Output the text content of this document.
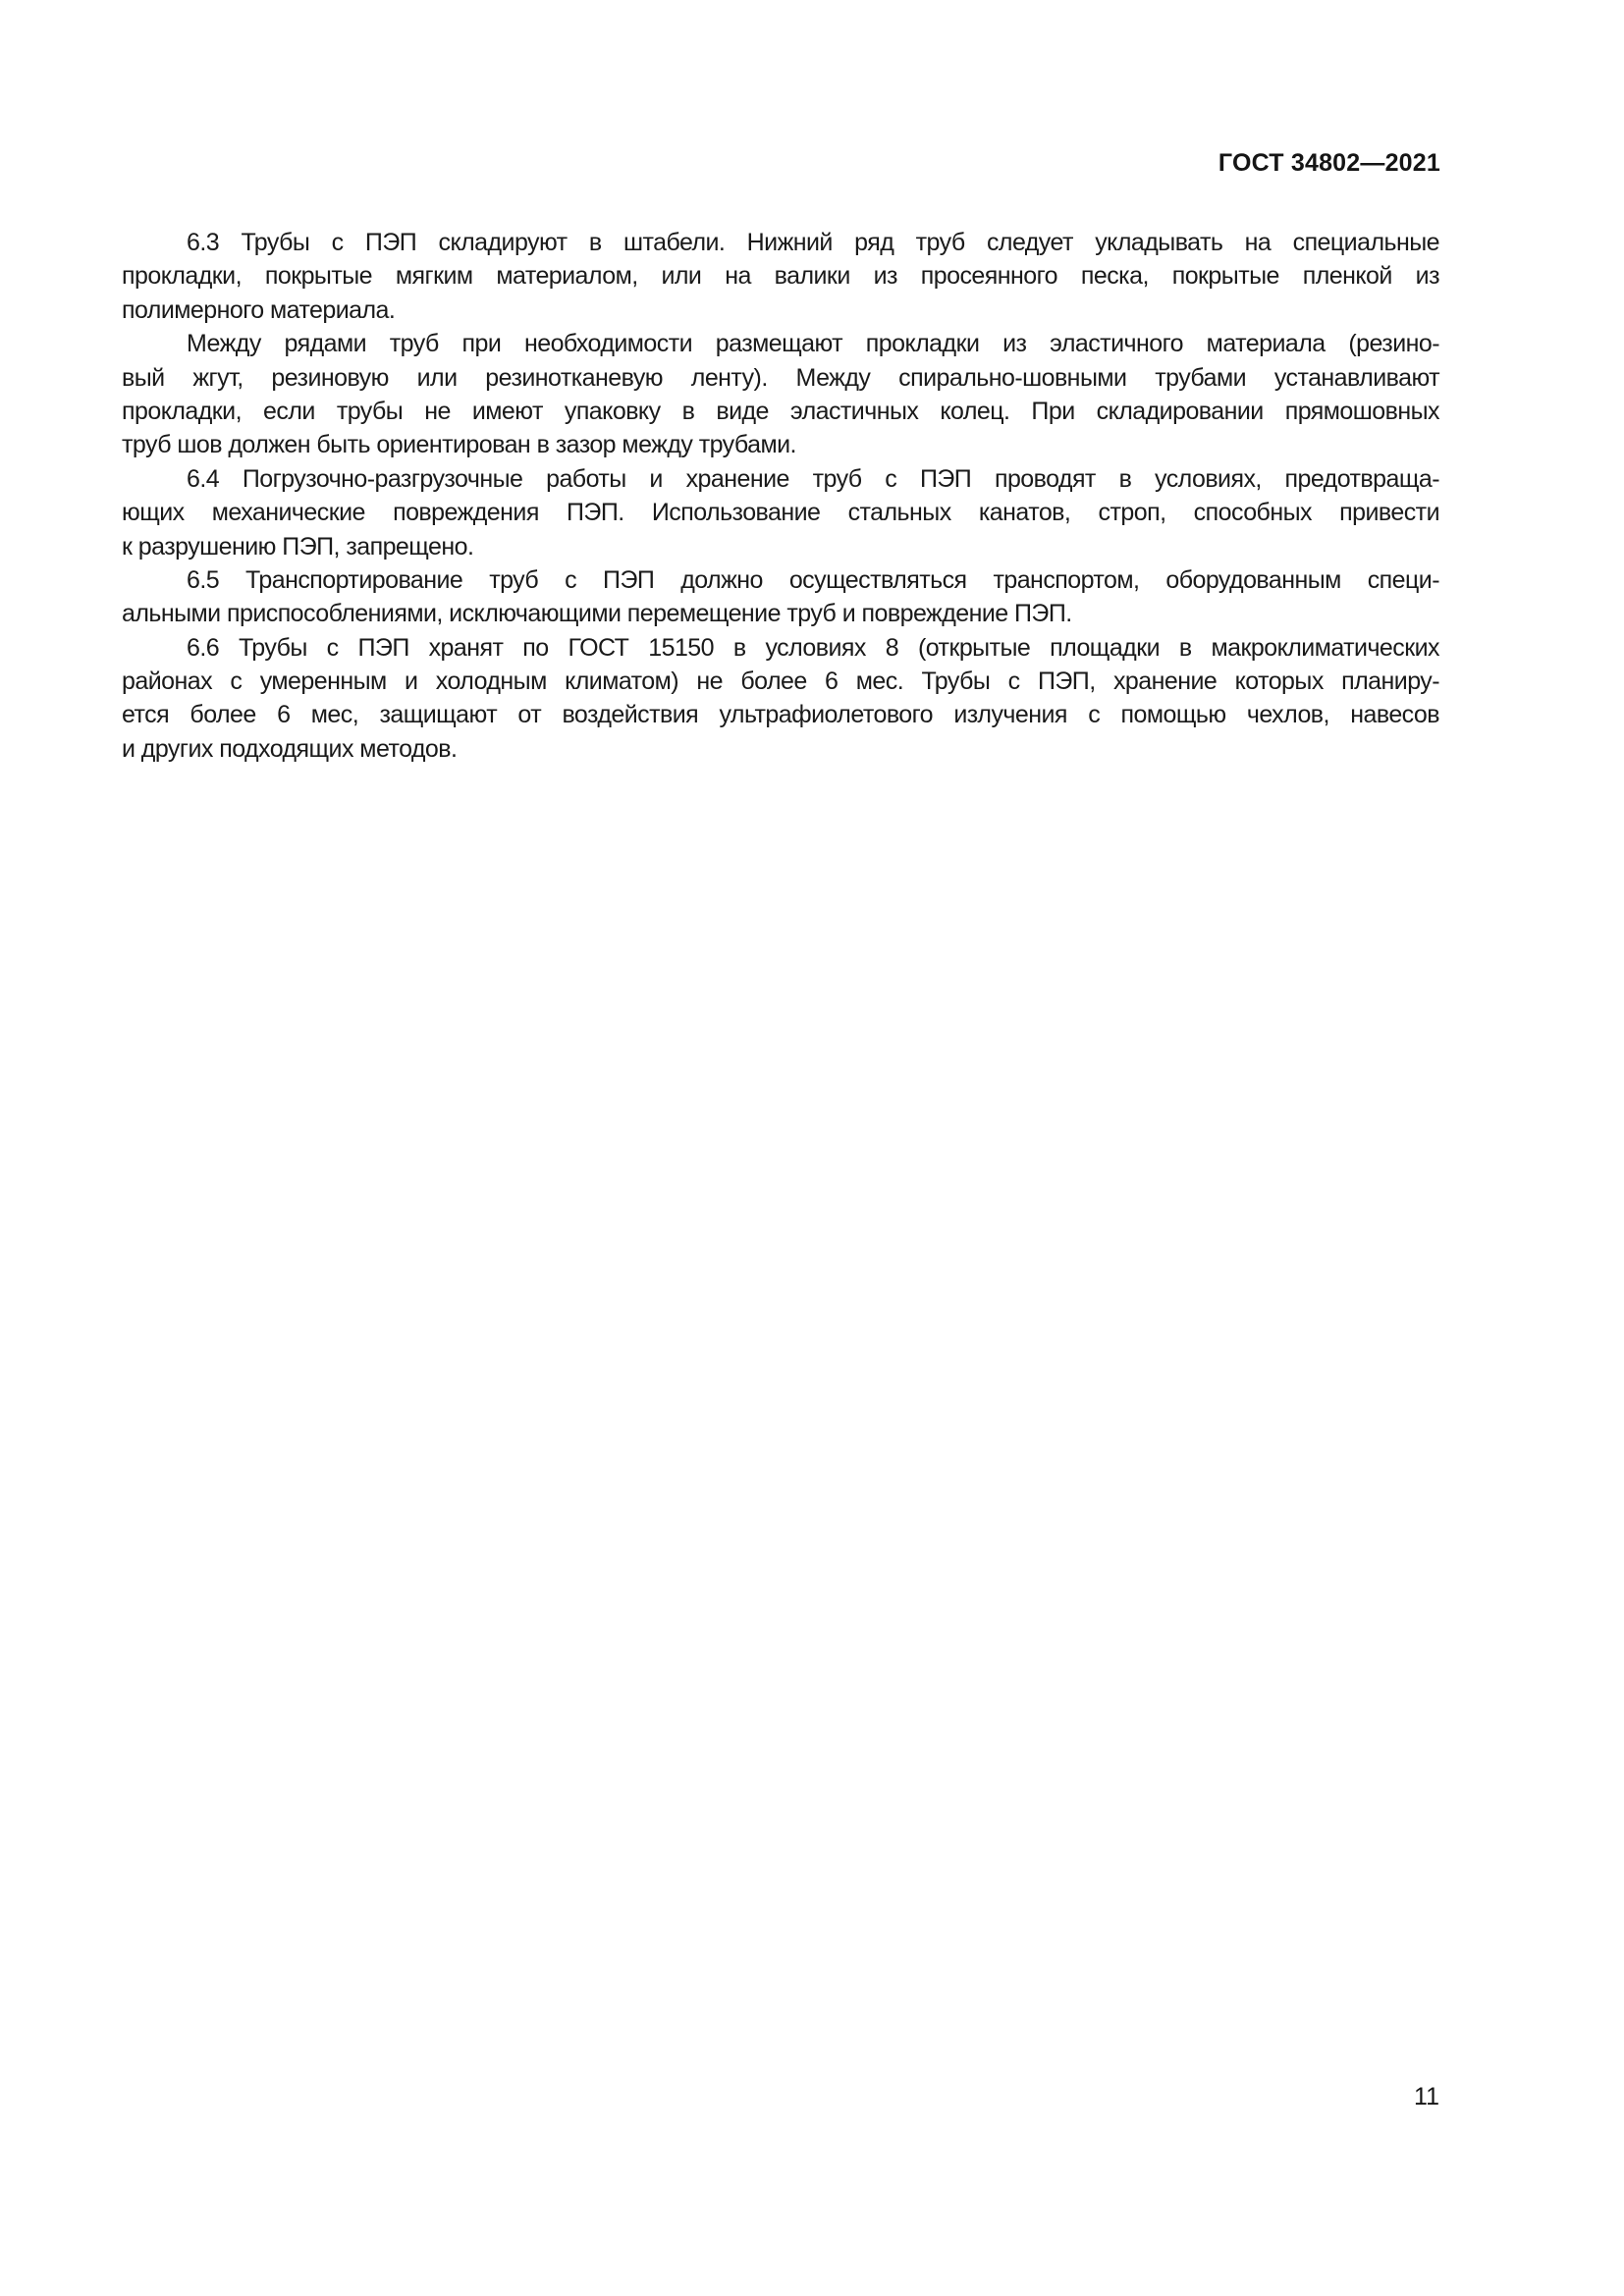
ГОСТ 34802—2021
6.3 Трубы с ПЭП складируют в штабели. Нижний ряд труб следует укладывать на специальные
прокладки, покрытые мягким материалом, или на валики из просеянного песка, покрытые пленкой из
полимерного материала.
Между рядами труб при необходимости размещают прокладки из эластичного материала (резино-
вый жгут, резиновую или резинотканевую ленту). Между спирально-шовными трубами устанавливают
прокладки, если трубы не имеют упаковку в виде эластичных колец. При складировании прямошовных
труб шов должен быть ориентирован в зазор между трубами.
6.4 Погрузочно-разгрузочные работы и хранение труб с ПЭП проводят в условиях, предотвраща-
ющих механические повреждения ПЭП. Использование стальных канатов, строп, способных привести
к разрушению ПЭП, запрещено.
6.5 Транспортирование труб с ПЭП должно осуществляться транспортом, оборудованным специ-
альными приспособлениями, исключающими перемещение труб и повреждение ПЭП.
6.6 Трубы с ПЭП хранят по ГОСТ 15150 в условиях 8 (открытые площадки в макроклиматических
районах с умеренным и холодным климатом) не более 6 мес. Трубы с ПЭП, хранение которых планиру-
ется более 6 мес, защищают от воздействия ультрафиолетового излучения с помощью чехлов, навесов
и других подходящих методов.
11
